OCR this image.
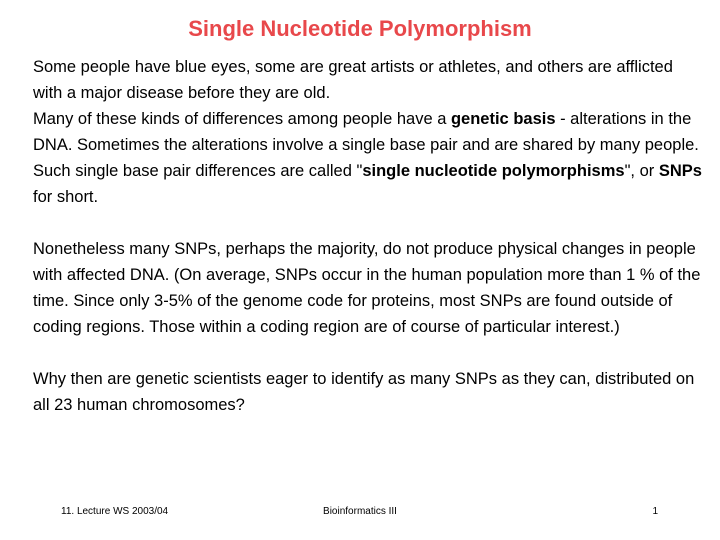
Single Nucleotide Polymorphism

Some people have blue eyes, some are great artists or athletes, and others are afflicted with a major disease before they are old.

Many of these kinds of differences among people have a genetic basis - alterations in the DNA. Sometimes the alterations involve a single base pair and are shared by many people. Such single base pair differences are called "single nucleotide polymorphisms", or SNPs for short.

Nonetheless many SNPs, perhaps the majority, do not produce physical changes in people with affected DNA. (On average, SNPs occur in the human population more than 1 % of the time. Since only 3-5% of the genome code for proteins, most SNPs are found outside of coding regions. Those within a coding region are of course of particular interest.)

Why then are genetic scientists eager to identify as many SNPs as they can, distributed on all 23 human chromosomes?

11. Lecture WS 2003/04	Bioinformatics III	1
